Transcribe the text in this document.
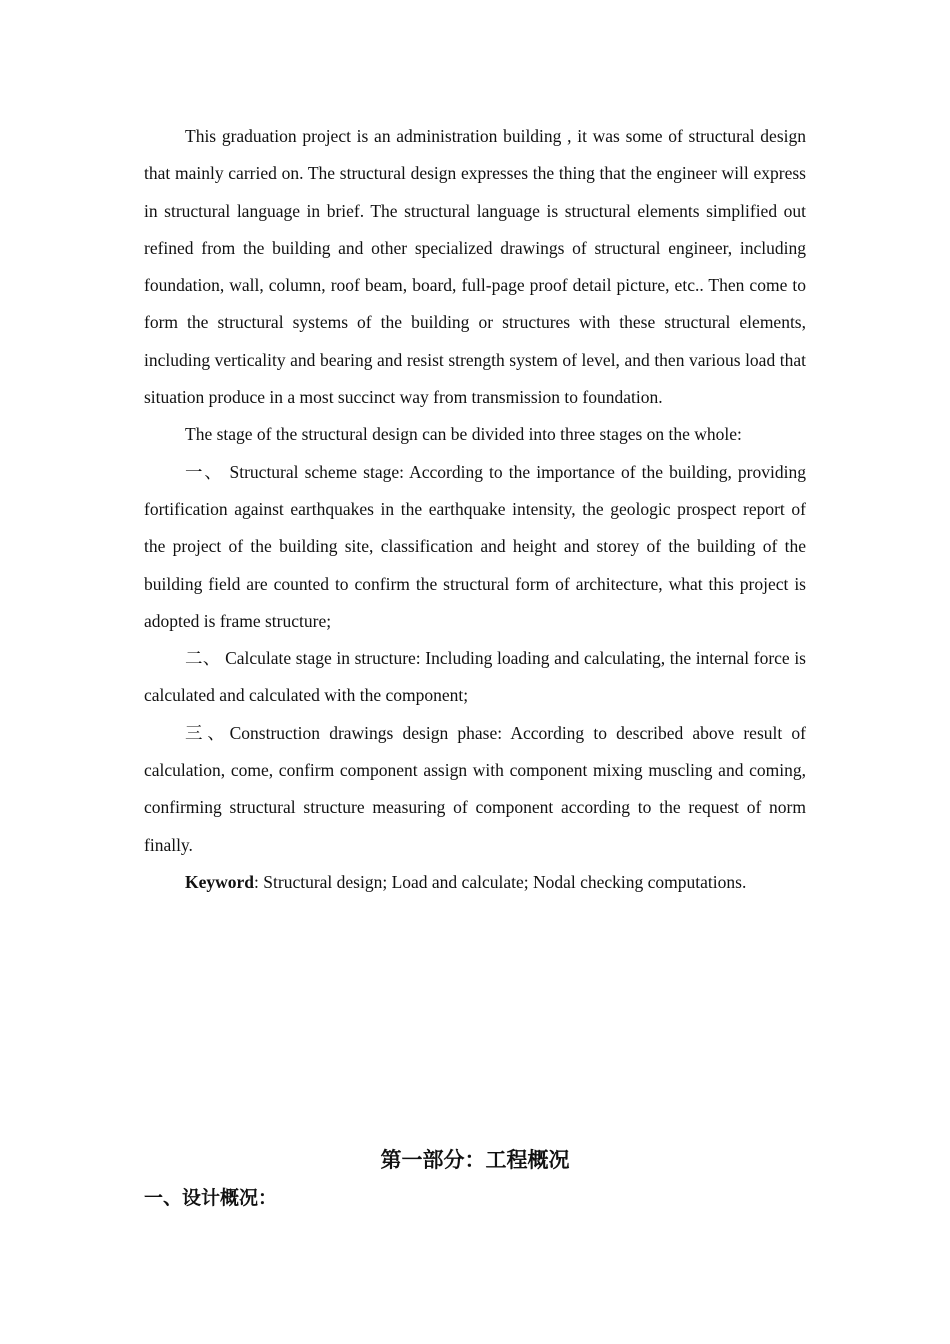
This graduation project is an administration building , it was some of structural design that mainly carried on. The structural design expresses the thing that the engineer will express in structural language in brief. The structural language is structural elements simplified out refined from the building and other specialized drawings of structural engineer, including foundation, wall, column, roof beam, board, full-page proof detail picture, etc.. Then come to form the structural systems of the building or structures with these structural elements, including verticality and bearing and resist strength system of level, and then various load that situation produce in a most succinct way from transmission to foundation.

The stage of the structural design can be divided into three stages on the whole:

一、 Structural scheme stage: According to the importance of the building, providing fortification against earthquakes in the earthquake intensity, the geologic prospect report of the project of the building site, classification and height and storey of the building of the building field are counted to confirm the structural form of architecture, what this project is adopted is frame structure;

二、 Calculate stage in structure: Including loading and calculating, the internal force is calculated and calculated with the component;

三、Construction drawings design phase: According to described above result of calculation, come, confirm component assign with component mixing muscling and coming, confirming structural structure measuring of component according to the request of norm finally.

Keyword: Structural design; Load and calculate; Nodal checking computations.

第一部分：工程概况
一、设计概况：
